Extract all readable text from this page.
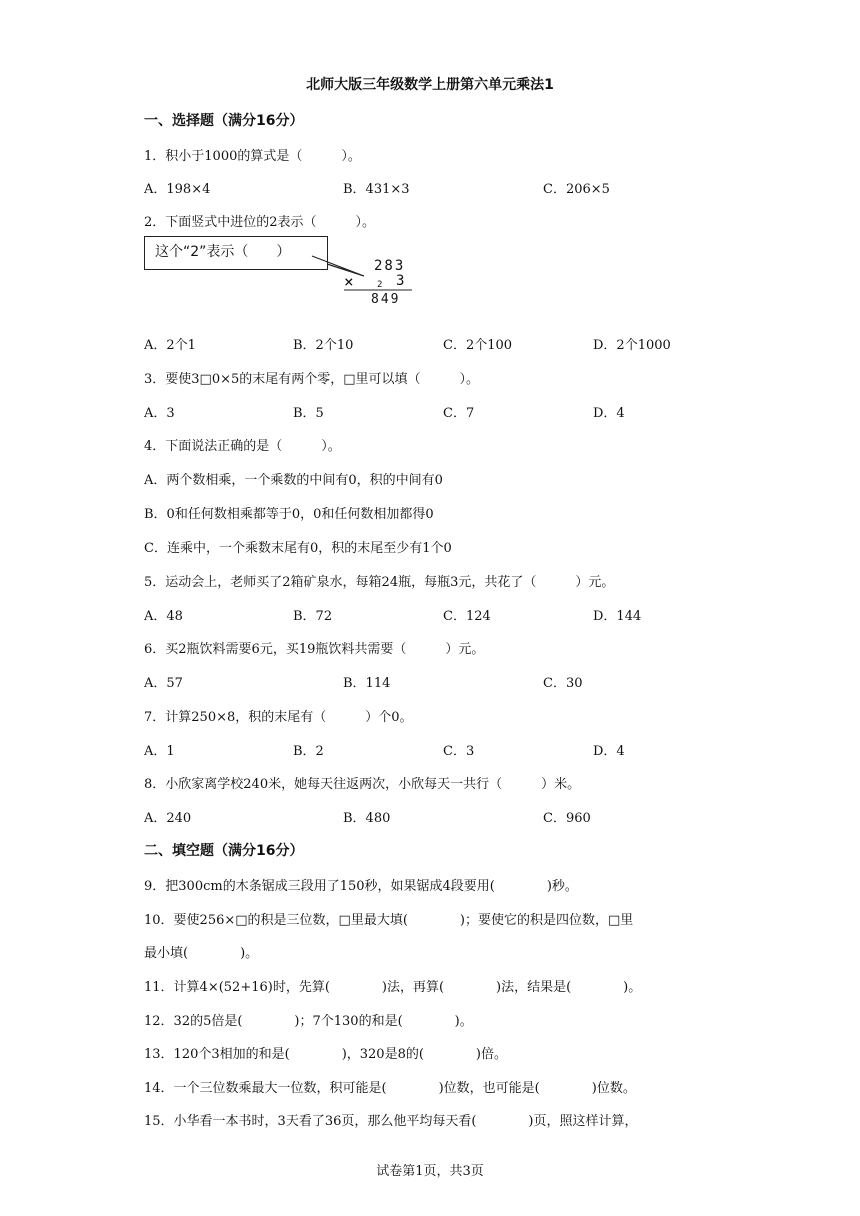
北师大版三年级数学上册第六单元乘法1
一、选择题（满分16分）
1．积小于1000的算式是（　　　）。
A．198×4	B．431×3	C．206×5
2．下面竖式中进位的2表示（　　　）。
这个“2”表示（　　）
283
× 2 3
849
A．2个1	B．2个10	C．2个100	D．2个1000
3．要使3□0×5的末尾有两个零，□里可以填（　　　）。
A．3	B．5	C．7	D．4
4．下面说法正确的是（　　　）。
A．两个数相乘，一个乘数的中间有0，积的中间有0
B．0和任何数相乘都等于0，0和任何数相加都得0
C．连乘中，一个乘数末尾有0，积的末尾至少有1个0
5．运动会上，老师买了2箱矿泉水，每箱24瓶，每瓶3元，共花了（　　　）元。
A．48	B．72	C．124	D．144
6．买2瓶饮料需要6元，买19瓶饮料共需要（　　　）元。
A．57	B．114	C．30
7．计算250×8，积的末尾有（　　　）个0。
A．1	B．2	C．3	D．4
8．小欣家离学校240米，她每天往返两次，小欣每天一共行（　　　）米。
A．240	B．480	C．960
二、填空题（满分16分）
9．把300cm的木条锯成三段用了150秒，如果锯成4段要用(　　　　)秒。
10．要使256×□的积是三位数，□里最大填(　　　　)；要使它的积是四位数，□里
最小填(　　　　)。
11．计算4×(52+16)时，先算(　　　　)法，再算(　　　　)法，结果是(　　　　)。
12．32的5倍是(　　　　)；7个130的和是(　　　　)。
13．120个3相加的和是(　　　　)，320是8的(　　　　)倍。
14．一个三位数乘最大一位数，积可能是(　　　　)位数，也可能是(　　　　)位数。
15．小华看一本书时，3天看了36页，那么他平均每天看(　　　　)页，照这样计算，
试卷第1页，共3页
